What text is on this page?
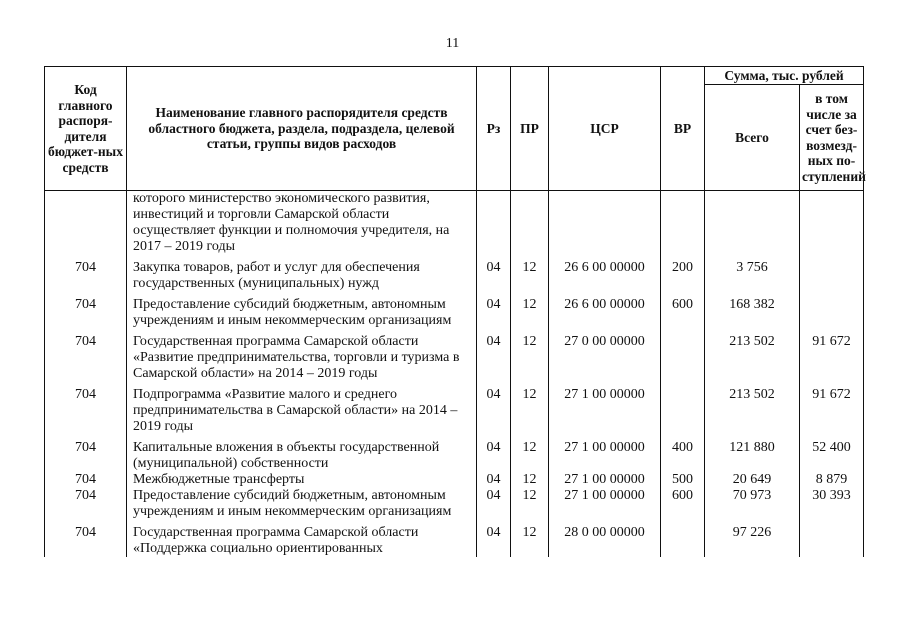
11
Код главного распоря-дителя бюджет-ных средств	Наименование главного распорядителя средств областного бюджета, раздела, подраздела, целевой статьи, группы видов расходов	Рз	ПР	ЦСР	ВР	Сумма, тыс. рублей	
						Всего	в том числе за счет без-возмезд-ных по-ступлений
	которого министерство экономического развития, инвестиций и торговли Самарской области осуществляет функции и полномочия учредителя, на 2017 – 2019 годы						

704	Закупка товаров, работ и услуг для обеспечения государственных (муниципальных) нужд	04	12	26 6 00 00000	200	3 756	

704	Предоставление субсидий бюджетным, автономным учреждениям и иным некоммерческим организациям	04	12	26 6 00 00000	600	168 382	

704	Государственная программа Самарской области «Развитие предпринимательства, торговли и туризма в Самарской области» на 2014 – 2019 годы	04	12	27 0 00 00000		213 502	91 672

704	Подпрограмма «Развитие малого и среднего предпринимательства в Самарской области» на 2014 – 2019 годы	04	12	27 1 00 00000		213 502	91 672

704	Капитальные вложения в объекты государственной (муниципальной) собственности	04	12	27 1 00 00000	400	121 880	52 400
704	Межбюджетные трансферты	04	12	27 1 00 00000	500	20 649	8 879
704	Предоставление субсидий бюджетным, автономным учреждениям и иным некоммерческим организациям	04	12	27 1 00 00000	600	70 973	30 393

704	Государственная программа Самарской области «Поддержка социально ориентированных	04	12	28 0 00 00000		97 226	
